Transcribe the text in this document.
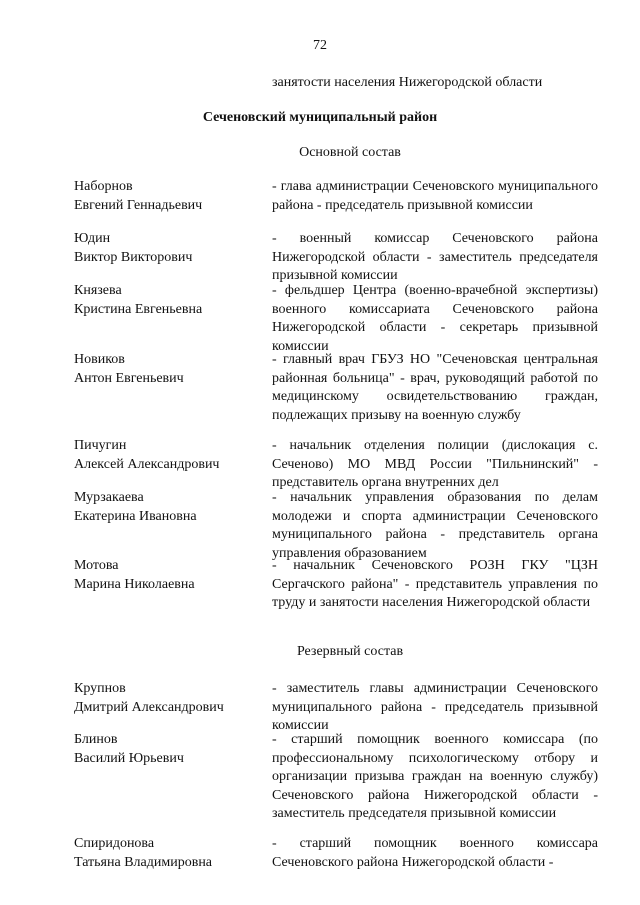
72
занятости населения Нижегородской области
Сеченовский муниципальный район
Основной состав
Наборнов
Евгений Геннадьевич
- глава администрации Сеченовского муниципального района - председатель призывной комиссии
Юдин
Виктор Викторович
- военный комиссар Сеченовского района Нижегородской области - заместитель председателя призывной комиссии
Князева
Кристина Евгеньевна
- фельдшер Центра (военно-врачебной экспертизы) военного комиссариата Сеченовского района Нижегородской области - секретарь призывной комиссии
Новиков
Антон Евгеньевич
- главный врач ГБУЗ НО "Сеченовская центральная районная больница" - врач, руководящий работой по медицинскому освидетельствованию граждан, подлежащих призыву на военную службу
Пичугин
Алексей Александрович
- начальник отделения полиции (дислокация с. Сеченово) МО МВД России "Пильнинский" - представитель органа внутренних дел
Мурзакаева
Екатерина Ивановна
- начальник управления образования по делам молодежи и спорта администрации Сеченовского муниципального района - представитель органа управления образованием
Мотова
Марина Николаевна
- начальник Сеченовского РОЗН ГКУ "ЦЗН Сергачского района" - представитель управления по труду и занятости населения Нижегородской области
Резервный состав
Крупнов
Дмитрий Александрович
- заместитель главы администрации Сеченовского муниципального района - председатель призывной комиссии
Блинов
Василий Юрьевич
- старший помощник военного комиссара (по профессиональному психологическому отбору и организации призыва граждан на военную службу) Сеченовского района Нижегородской области - заместитель председателя призывной комиссии
Спиридонова
Татьяна Владимировна
- старший помощник военного комиссара Сеченовского района Нижегородской области -
